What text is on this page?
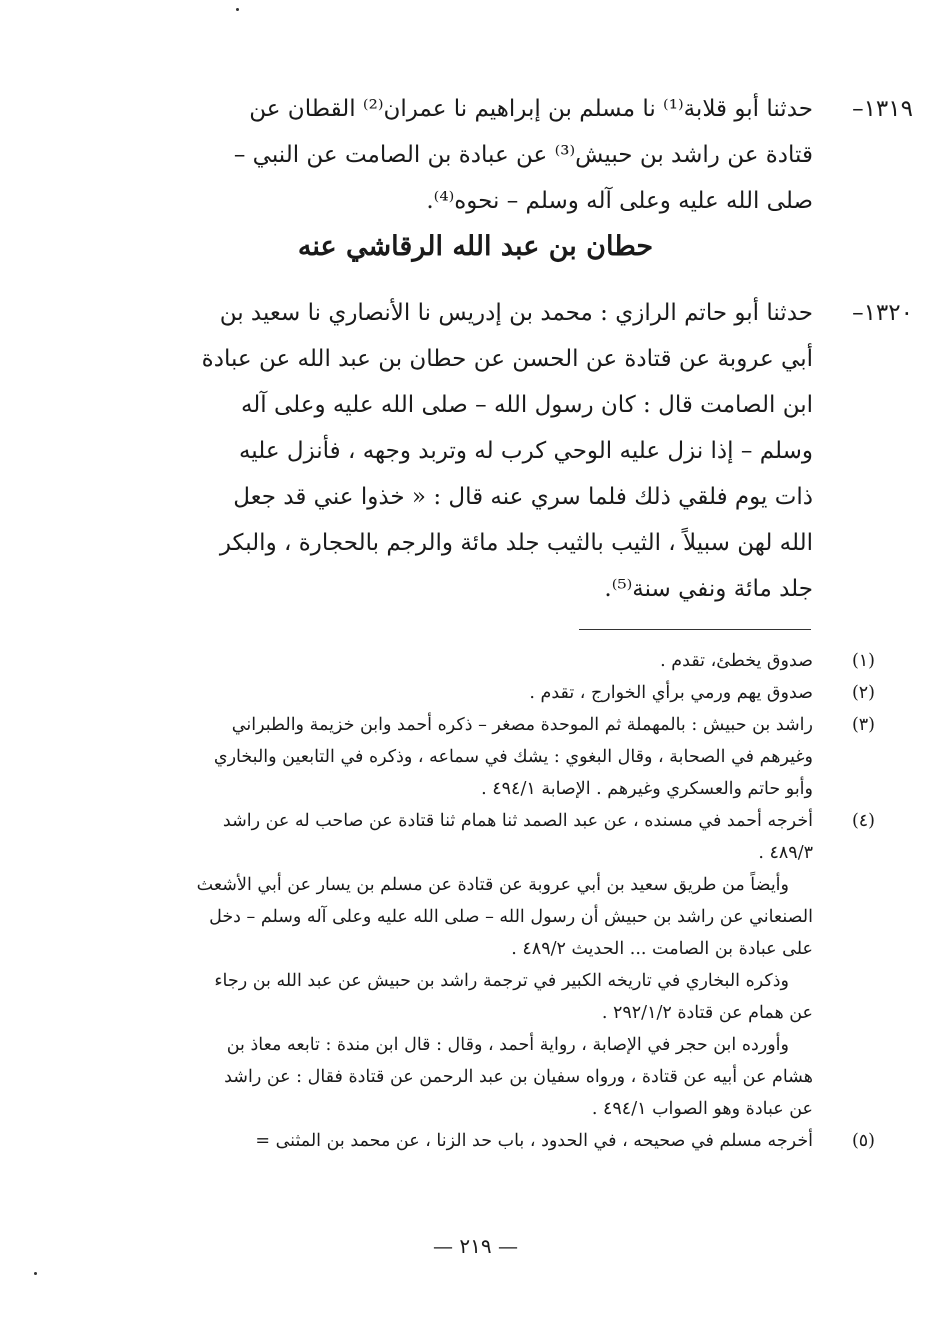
١٣١٩–
حدثنا أبو قلابة⁽¹⁾ نا مسلم بن إبراهيم نا عمران⁽²⁾ القطان عن
قتادة عن راشد بن حبيش⁽³⁾ عن عبادة بن الصامت عن النبي –
صلى الله عليه وعلى آله وسلم – نحوه⁽⁴⁾.
حطان بن عبد الله الرقاشي عنه
١٣٢٠–
حدثنا أبو حاتم الرازي : محمد بن إدريس نا الأنصاري نا سعيد بن
أبي عروبة عن قتادة عن الحسن عن حطان بن عبد الله عن عبادة
ابن الصامت قال : كان رسول الله – صلى الله عليه وعلى آله
وسلم – إذا نزل عليه الوحي كرب له وتربد وجهه ، فأنزل عليه
ذات يوم فلقي ذلك فلما سري عنه قال : « خذوا عني قد جعل
الله لهن سبيلاً ، الثيب بالثيب جلد مائة والرجم بالحجارة ، والبكر
جلد مائة ونفي سنة⁽⁵⁾.
(١)

صدوق يخطئ، تقدم .

(٢)

صدوق يهم ورمي برأي الخوارج ، تقدم .

(٣)

راشد بن حبيش : بالمهملة ثم الموحدة مصغر – ذكره أحمد وابن خزيمة والطبراني
وغيرهم في الصحابة ، وقال البغوي : يشك في سماعه ، وذكره في التابعين والبخاري
وأبو حاتم والعسكري وغيرهم . الإصابة ٤٩٤/١ .

(٤)

أخرجه أحمد في مسنده ، عن عبد الصمد ثنا همام ثنا قتادة عن صاحب له عن راشد
٤٨٩/٣ .

وأيضاً من طريق سعيد بن أبي عروبة عن قتادة عن مسلم بن يسار عن أبي الأشعث
الصنعاني عن راشد بن حبيش أن رسول الله – صلى الله عليه وعلى آله وسلم – دخل
على عبادة بن الصامت ... الحديث ٤٨٩/٢ .

وذكره البخاري في تاريخه الكبير في ترجمة راشد بن حبيش عن عبد الله بن رجاء
عن همام عن قتادة ٢٩٢/١/٢ .

وأورده ابن حجر في الإصابة ، رواية أحمد ، وقال : قال ابن مندة : تابعه معاذ بن
هشام عن أبيه عن قتادة ، ورواه سفيان بن عبد الرحمن عن قتادة فقال : عن راشد
عن عبادة وهو الصواب ٤٩٤/١ .

(٥)

أخرجه مسلم في صحيحه ، في الحدود ، باب حد الزنا ، عن محمد بن المثنى =

— ٢١٩ —
